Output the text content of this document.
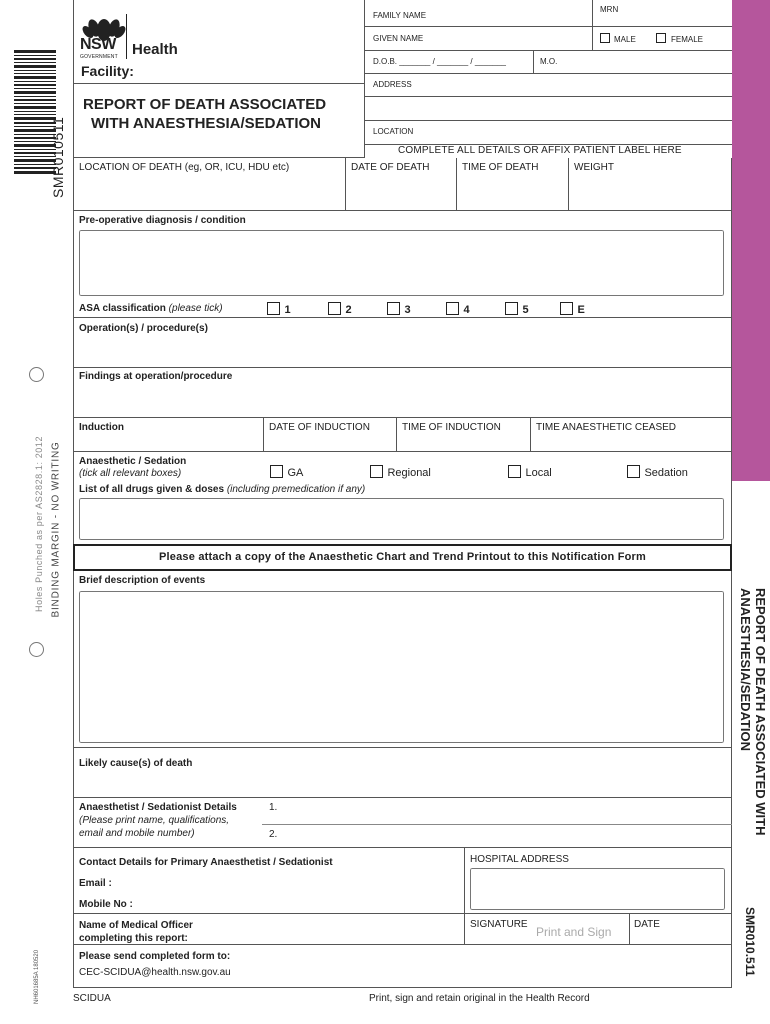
SMR010511
Holes Punched as per AS2828.1: 2012 BINDING MARGIN - NO WRITING
NH601685A 180520
REPORT OF DEATH ASSOCIATED WITH
ANAESTHESIA/SEDATION
SMR010.511
NSW
GOVERNMENT Health
Facility:
REPORT OF DEATH ASSOCIATED
WITH ANAESTHESIA/SEDATION
FAMILY NAME
MRN
GIVEN NAME	MALE	FEMALE
D.O.B. _______ / _______ / _______	M.O.
ADDRESS
LOCATION
COMPLETE ALL DETAILS OR AFFIX PATIENT LABEL HERE
LOCATION OF DEATH (eg, OR, ICU, HDU etc)	DATE OF DEATH	TIME OF DEATH	WEIGHT
Pre-operative diagnosis / condition
ASA classification (please tick)	1	2	3	4	5	E
Operation(s) / procedure(s)
Findings at operation/procedure
Induction	DATE OF INDUCTION	TIME OF INDUCTION	TIME ANAESTHETIC CEASED
Anaesthetic / Sedation
(tick all relevant boxes)	GA	Regional	Local	Sedation
List of all drugs given & doses (including premedication if any)
Please attach a copy of the Anaesthetic Chart and Trend Printout to this Notification Form
Brief description of events
Likely cause(s) of death
Anaesthetist / Sedationist Details
(Please print name, qualifications,
email and mobile number)
1.
2.
Contact Details for Primary Anaesthetist / Sedationist	HOSPITAL ADDRESS
Email :
Mobile No :
Name of Medical Officer
completing this report:
SIGNATURE
Print and Sign
DATE
Please send completed form to:
CEC-SCIDUA@health.nsw.gov.au
SCIDUA	Print, sign and retain original in the Health Record
